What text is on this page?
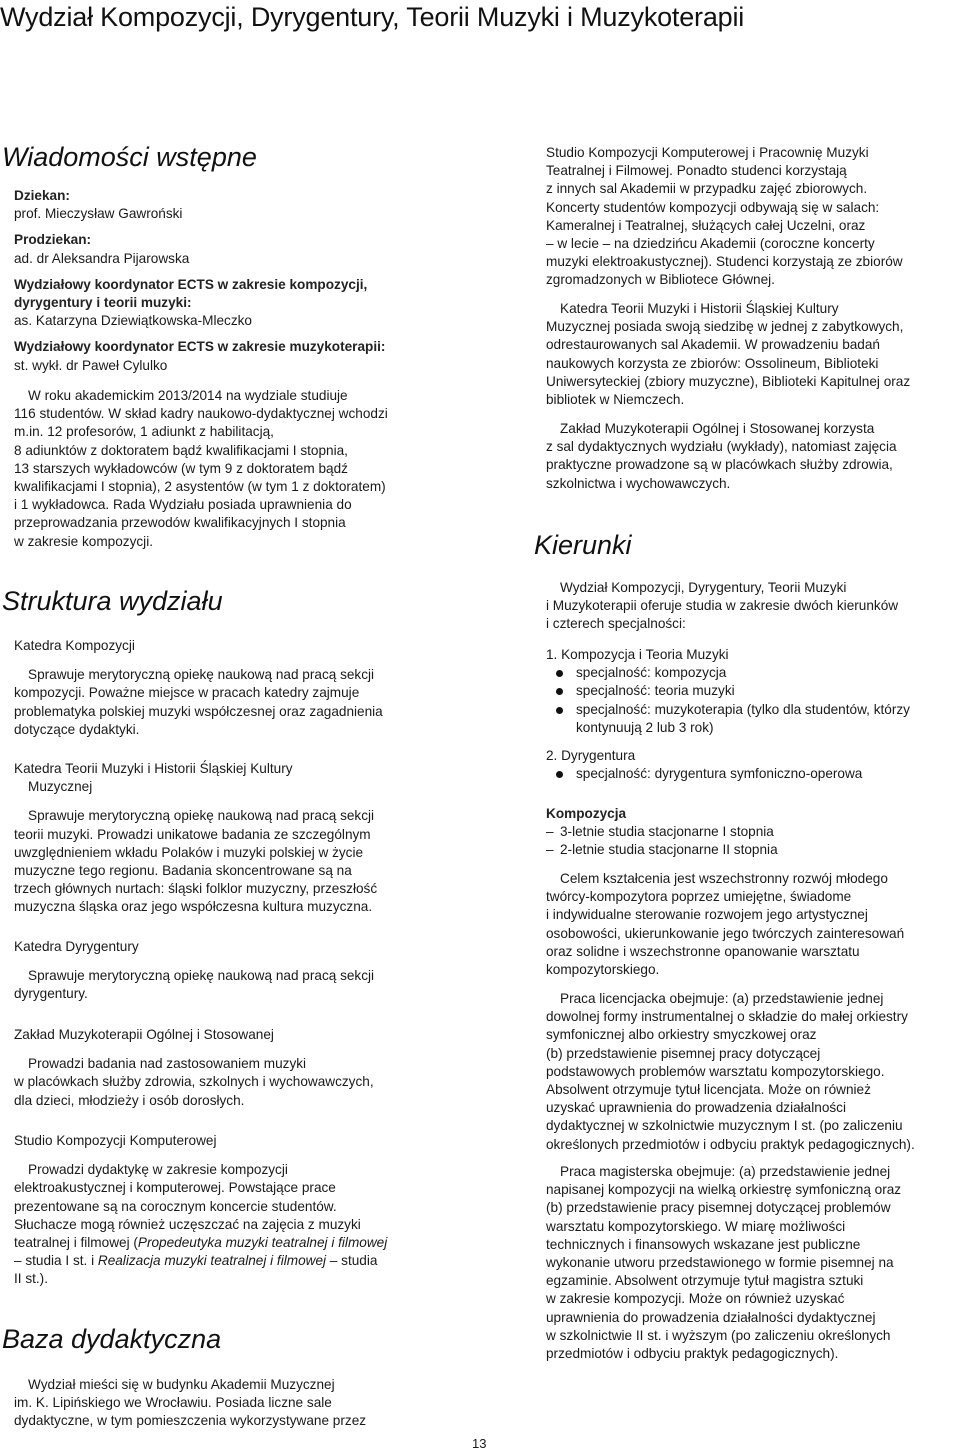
Wydział Kompozycji, Dyrygentury, Teorii Muzyki i Muzykoterapii
Wiadomości wstępne

Dziekan:

prof. Mieczysław Gawroński

Prodziekan:

ad. dr Aleksandra Pijarowska

Wydziałowy koordynator ECTS w zakresie kompozycji,

dyrygentury i teorii muzyki:

as. Katarzyna Dziewiątkowska-Mleczko

Wydziałowy koordynator ECTS w zakresie muzykoterapii:

st. wykł. dr Paweł Cylulko

W roku akademickim 2013/2014 na wydziale studiuje

116 studentów. W skład kadry naukowo-dydaktycznej wchodzi

m.in. 12 profesorów, 1 adiunkt z habilitacją,

8 adiunktów z doktoratem bądź kwalifikacjami I stopnia,

13 starszych wykładowców (w tym 9 z doktoratem bądź

kwalifikacjami I stopnia), 2 asystentów (w tym 1 z doktoratem)

i 1 wykładowca. Rada Wydziału posiada uprawnienia do

przeprowadzania przewodów kwalifikacyjnych I stopnia

w zakresie kompozycji.

Struktura wydziału

Katedra Kompozycji

Sprawuje merytoryczną opiekę naukową nad pracą sekcji

kompozycji. Poważne miejsce w pracach katedry zajmuje

problematyka polskiej muzyki współczesnej oraz zagadnienia

dotyczące dydaktyki.

Katedra Teorii Muzyki i Historii Śląskiej Kultury

Muzycznej

Sprawuje merytoryczną opiekę naukową nad pracą sekcji

teorii muzyki. Prowadzi unikatowe badania ze szczególnym

uwzględnieniem wkładu Polaków i muzyki polskiej w życie

muzyczne tego regionu. Badania skoncentrowane są na

trzech głównych nurtach: śląski folklor muzyczny, przeszłość

muzyczna śląska oraz jego współczesna kultura muzyczna.

Katedra Dyrygentury

Sprawuje merytoryczną opiekę naukową nad pracą sekcji

dyrygentury.

Zakład Muzykoterapii Ogólnej i Stosowanej

Prowadzi badania nad zastosowaniem muzyki

w placówkach służby zdrowia, szkolnych i wychowawczych,

dla dzieci, młodzieży i osób dorosłych.

Studio Kompozycji Komputerowej

Prowadzi dydaktykę w zakresie kompozycji

elektroakustycznej i komputerowej. Powstające prace

prezentowane są na corocznym koncercie studentów.

Słuchacze mogą również uczęszczać na zajęcia z muzyki

teatralnej i filmowej (Propedeutyka muzyki teatralnej i filmowej

– studia I st. i Realizacja muzyki teatralnej i filmowej – studia

II st.).

Baza dydaktyczna

Wydział mieści się w budynku Akademii Muzycznej

im. K. Lipińskiego we Wrocławiu. Posiada liczne sale

dydaktyczne, w tym pomieszczenia wykorzystywane przez

Studio Kompozycji Komputerowej i Pracownię Muzyki

Teatralnej i Filmowej. Ponadto studenci korzystają

z innych sal Akademii w przypadku zajęć zbiorowych.

Koncerty studentów kompozycji odbywają się w salach:

Kameralnej i Teatralnej, służących całej Uczelni, oraz

– w lecie – na dziedzińcu Akademii (coroczne koncerty

muzyki elektroakustycznej). Studenci korzystają ze zbiorów

zgromadzonych w Bibliotece Głównej.

Katedra Teorii Muzyki i Historii Śląskiej Kultury

Muzycznej posiada swoją siedzibę w jednej z zabytkowych,

odrestaurowanych sal Akademii. W prowadzeniu badań

naukowych korzysta ze zbiorów: Ossolineum, Biblioteki

Uniwersyteckiej (zbiory muzyczne), Biblioteki Kapitulnej oraz

bibliotek w Niemczech.

Zakład Muzykoterapii Ogólnej i Stosowanej korzysta

z sal dydaktycznych wydziału (wykłady), natomiast zajęcia

praktyczne prowadzone są w placówkach służby zdrowia,

szkolnictwa i wychowawczych.

Kierunki

Wydział Kompozycji, Dyrygentury, Teorii Muzyki

i Muzykoterapii oferuje studia w zakresie dwóch kierunków

i czterech specjalności:

1. Kompozycja i Teoria Muzyki

specjalność: kompozycja

specjalność: teoria muzyki

specjalność: muzykoterapia (tylko dla studentów, którzy

kontynuują 2 lub 3 rok)

2. Dyrygentura

specjalność: dyrygentura symfoniczno-operowa

Kompozycja

– 3-letnie studia stacjonarne I stopnia

– 2-letnie studia stacjonarne II stopnia

Celem kształcenia jest wszechstronny rozwój młodego

twórcy-kompozytora poprzez umiejętne, świadome

i indywidualne sterowanie rozwojem jego artystycznej

osobowości, ukierunkowanie jego twórczych zainteresowań

oraz solidne i wszechstronne opanowanie warsztatu

kompozytorskiego.

Praca licencjacka obejmuje: (a) przedstawienie jednej

dowolnej formy instrumentalnej o składzie do małej orkiestry

symfonicznej albo orkiestry smyczkowej oraz

(b) przedstawienie pisemnej pracy dotyczącej

podstawowych problemów warsztatu kompozytorskiego.

Absolwent otrzymuje tytuł licencjata. Może on również

uzyskać uprawnienia do prowadzenia działalności

dydaktycznej w szkolnictwie muzycznym I st. (po zaliczeniu

określonych przedmiotów i odbyciu praktyk pedagogicznych).

Praca magisterska obejmuje: (a) przedstawienie jednej

napisanej kompozycji na wielką orkiestrę symfoniczną oraz

(b) przedstawienie pracy pisemnej dotyczącej problemów

warsztatu kompozytorskiego. W miarę możliwości

technicznych i finansowych wskazane jest publiczne

wykonanie utworu przedstawionego w formie pisemnej na

egzaminie. Absolwent otrzymuje tytuł magistra sztuki

w zakresie kompozycji. Może on również uzyskać

uprawnienia do prowadzenia działalności dydaktycznej

w szkolnictwie II st. i wyższym (po zaliczeniu określonych

przedmiotów i odbyciu praktyk pedagogicznych).

13
